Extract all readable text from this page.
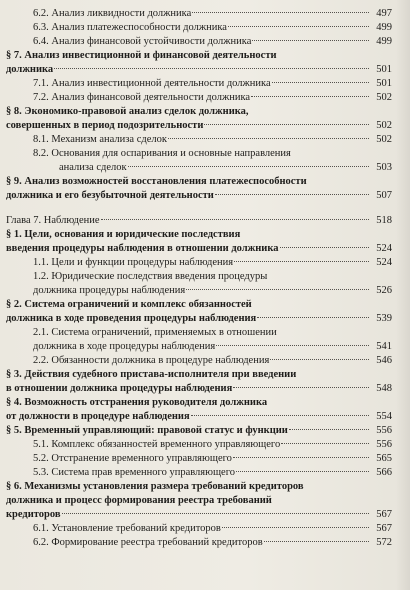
6.2. Анализ ликвидности должника	497
6.3. Анализ платежеспособности должника	499
6.4. Анализ финансовой устойчивости должника	499
§ 7. Анализ инвестиционной и финансовой деятельности
должника	501
7.1. Анализ инвестиционной деятельности должника	501
7.2. Анализ финансовой деятельности должника	502
§ 8. Экономико-правовой анализ сделок должника,
совершенных в период подозрительности	502
8.1. Механизм анализа сделок	502
8.2. Основания для оспаривания и основные направления
анализа сделок	503
§ 9. Анализ возможностей восстановления платежеспособности
должника и его безубыточной деятельности	507
Глава 7. Наблюдение	518
§ 1. Цели, основания и юридические последствия
введения процедуры наблюдения в отношении должника	524
1.1. Цели и функции процедуры наблюдения	524
1.2. Юридические последствия введения процедуры
должника процедуры наблюдения	526
§ 2. Система ограничений и комплекс обязанностей
должника в ходе проведения процедуры наблюдения	539
2.1. Система ограничений, применяемых в отношении
должника в ходе процедуры наблюдения	541
2.2. Обязанности должника в процедуре наблюдения	546
§ 3. Действия судебного пристава-исполнителя при введении
в отношении должника процедуры наблюдения	548
§ 4. Возможность отстранения руководителя должника
от должности в процедуре наблюдения	554
§ 5. Временный управляющий: правовой статус и функции	556
5.1. Комплекс обязанностей временного управляющего	556
5.2. Отстранение временного управляющего	565
5.3. Система прав временного управляющего	566
§ 6. Механизмы установления размера требований кредиторов
должника и процесс формирования реестра требований
кредиторов	567
6.1. Установление требований кредиторов	567
6.2. Формирование реестра требований кредиторов	572
